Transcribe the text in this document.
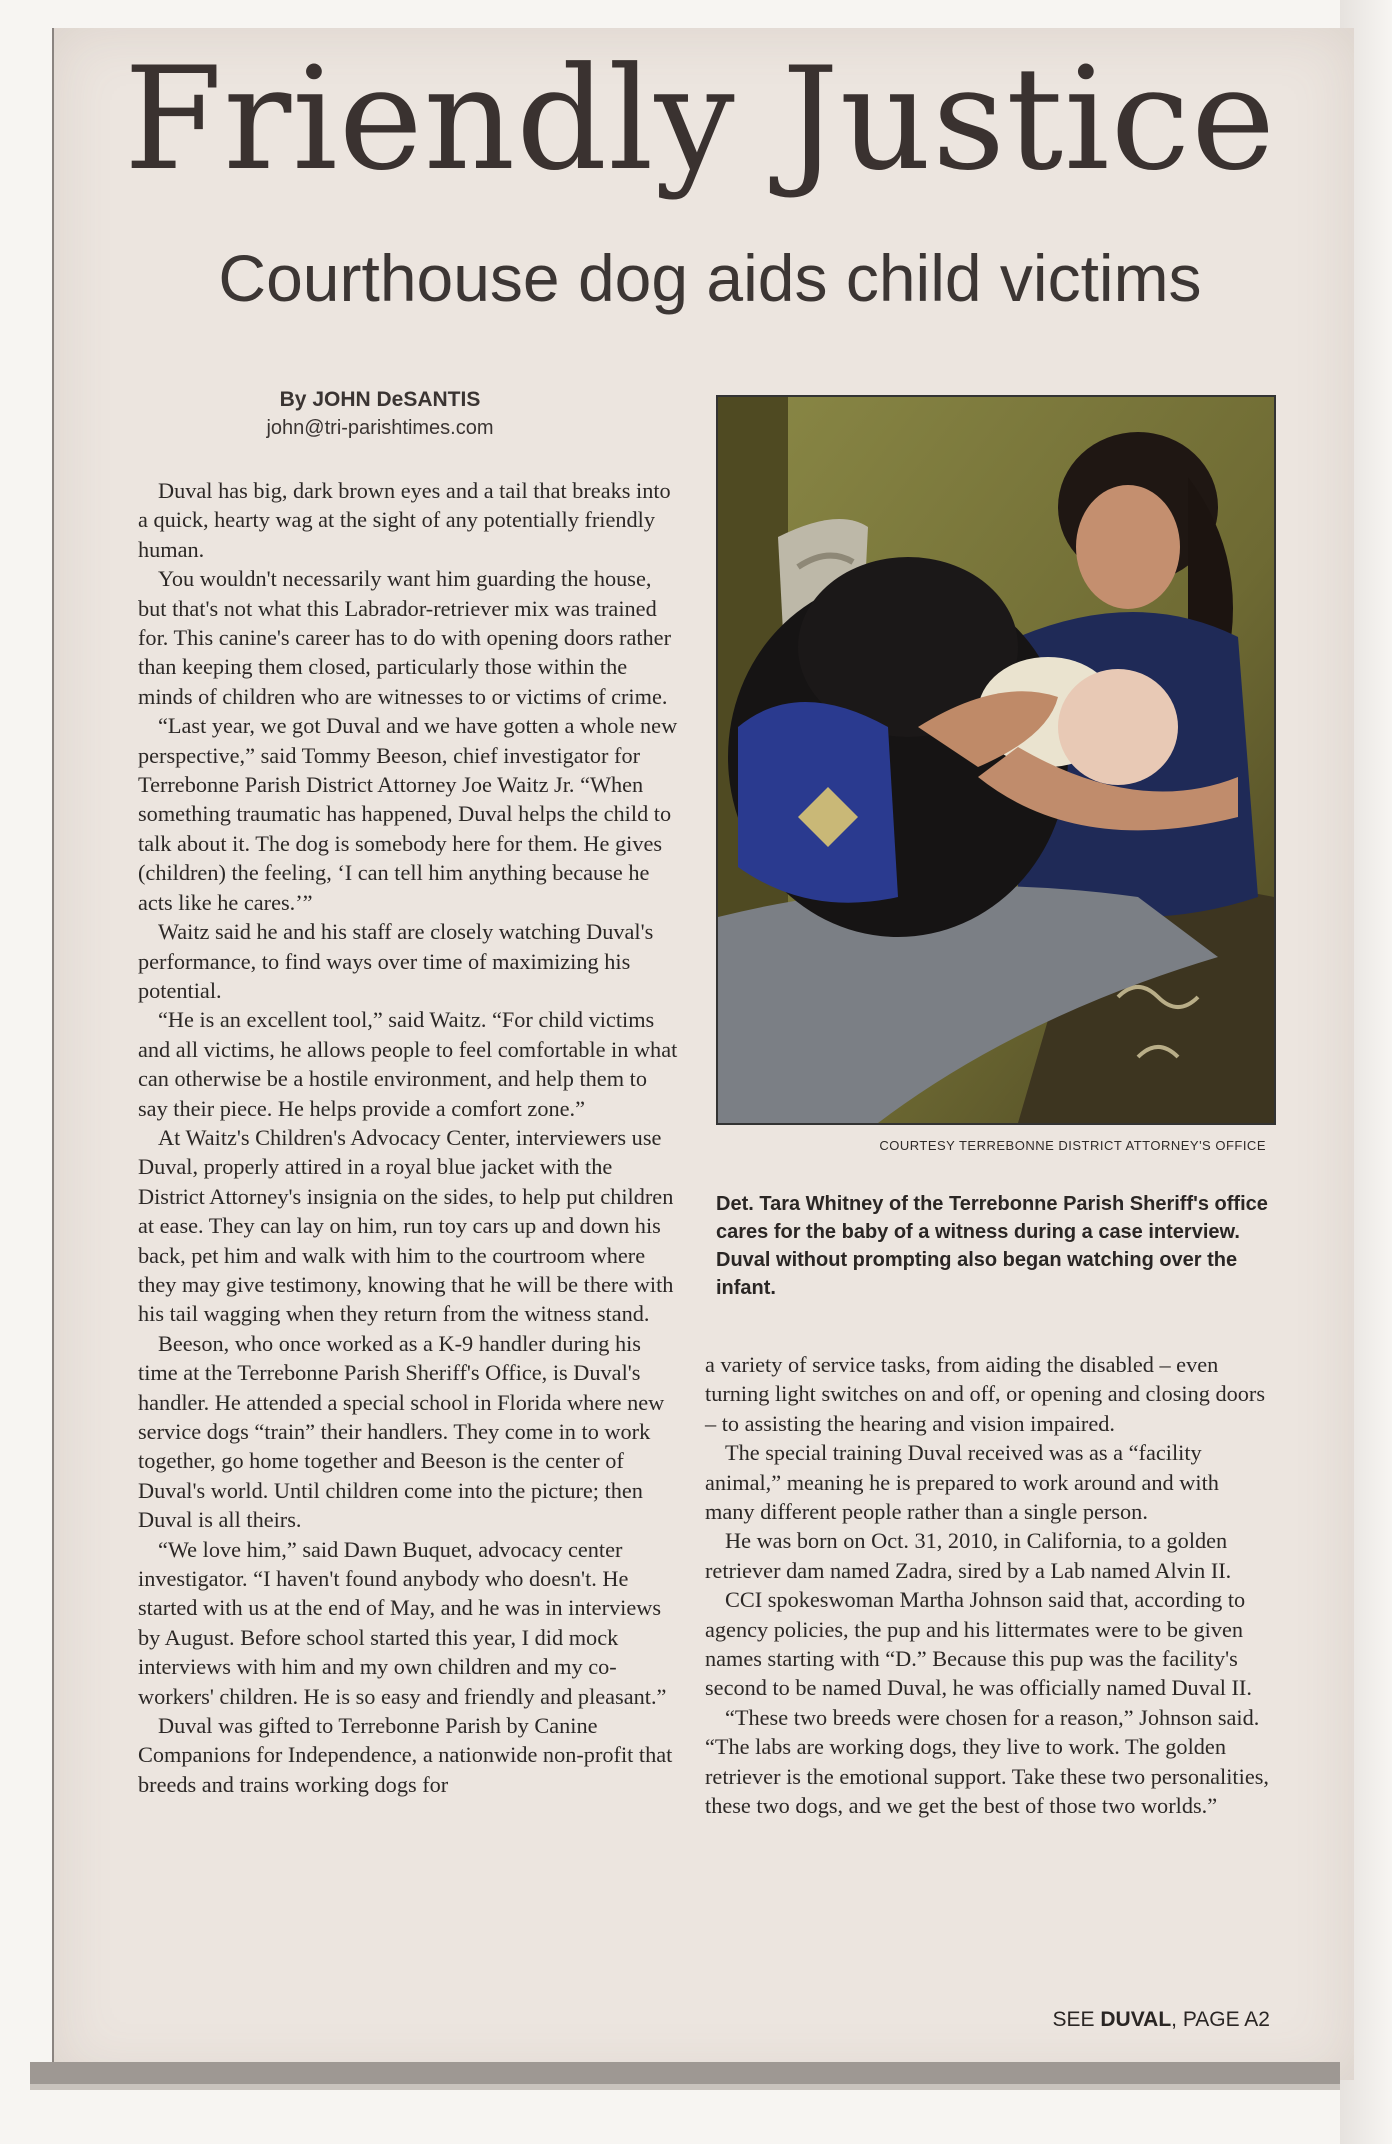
Friendly Justice
Courthouse dog aids child victims
By JOHN DeSANTIS
john@tri-parishtimes.com

Duval has big, dark brown eyes and a tail that breaks into a quick, hearty wag at the sight of any potentially friendly human.

You wouldn't necessarily want him guarding the house, but that's not what this Labrador-retriever mix was trained for. This canine's career has to do with opening doors rather than keeping them closed, particularly those within the minds of children who are witnesses to or victims of crime.

“Last year, we got Duval and we have gotten a whole new perspective,” said Tommy Beeson, chief investigator for Terrebonne Parish District Attorney Joe Waitz Jr. “When something traumatic has happened, Duval helps the child to talk about it. The dog is somebody here for them. He gives (children) the feeling, ‘I can tell him anything because he acts like he cares.’”

Waitz said he and his staff are closely watching Duval's performance, to find ways over time of maximizing his potential.

“He is an excellent tool,” said Waitz. “For child victims and all victims, he allows people to feel comfortable in what can otherwise be a hostile environment, and help them to say their piece. He helps provide a comfort zone.”

At Waitz's Children's Advocacy Center, interviewers use Duval, properly attired in a royal blue jacket with the District Attorney's insignia on the sides, to help put children at ease. They can lay on him, run toy cars up and down his back, pet him and walk with him to the courtroom where they may give testimony, knowing that he will be there with his tail wagging when they return from the witness stand.

Beeson, who once worked as a K-9 handler during his time at the Terrebonne Parish Sheriff's Office, is Duval's handler. He attended a special school in Florida where new service dogs “train” their handlers. They come in to work together, go home together and Beeson is the center of Duval's world. Until children come into the picture; then Duval is all theirs.

“We love him,” said Dawn Buquet, advocacy center investigator. “I haven't found anybody who doesn't. He started with us at the end of May, and he was in interviews by August. Before school started this year, I did mock interviews with him and my own children and my co-workers' children. He is so easy and friendly and pleasant.”

Duval was gifted to Terrebonne Parish by Canine Companions for Independence, a nationwide non-profit that breeds and trains working dogs for

COURTESY TERREBONNE DISTRICT ATTORNEY'S OFFICE
Det. Tara Whitney of the Terrebonne Parish Sheriff's office cares for the baby of a witness during a case interview. Duval without prompting also began watching over the infant.

a variety of service tasks, from aiding the disabled – even turning light switches on and off, or opening and closing doors – to assisting the hearing and vision impaired.

The special training Duval received was as a “facility animal,” meaning he is prepared to work around and with many different people rather than a single person.

He was born on Oct. 31, 2010, in California, to a golden retriever dam named Zadra, sired by a Lab named Alvin II.

CCI spokeswoman Martha Johnson said that, according to agency policies, the pup and his littermates were to be given names starting with “D.” Because this pup was the facility's second to be named Duval, he was officially named Duval II.

“These two breeds were chosen for a reason,” Johnson said. “The labs are working dogs, they live to work. The golden retriever is the emotional support. Take these two personalities, these two dogs, and we get the best of those two worlds.”

SEE DUVAL, PAGE A2
